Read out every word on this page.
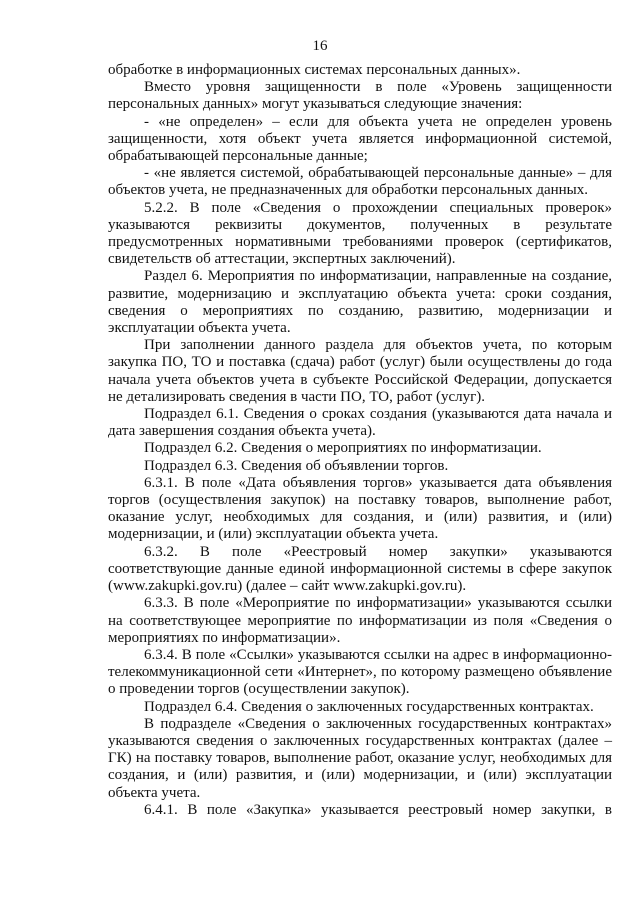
16

обработке в информационных системах персональных данных».

Вместо уровня защищенности в поле «Уровень защищенности персональных данных» могут указываться следующие значения:

- «не определен» – если для объекта учета не определен уровень защищенности, хотя объект учета является информационной системой, обрабатывающей персональные данные;

- «не является системой, обрабатывающей персональные данные» – для объектов учета, не предназначенных для обработки персональных данных.

5.2.2. В поле «Сведения о прохождении специальных проверок» указываются реквизиты документов, полученных в результате предусмотренных нормативными требованиями проверок (сертификатов, свидетельств об аттестации, экспертных заключений).

Раздел 6. Мероприятия по информатизации, направленные на создание, развитие, модернизацию и эксплуатацию объекта учета: сроки создания, сведения о мероприятиях по созданию, развитию, модернизации и эксплуатации объекта учета.

При заполнении данного раздела для объектов учета, по которым закупка ПО, ТО и поставка (сдача) работ (услуг) были осуществлены до года начала учета объектов учета в субъекте Российской Федерации, допускается не детализировать сведения в части ПО, ТО, работ (услуг).

Подраздел 6.1. Сведения о сроках создания (указываются дата начала и дата завершения создания объекта учета).

Подраздел 6.2. Сведения о мероприятиях по информатизации.

Подраздел 6.3. Сведения об объявлении торгов.

6.3.1. В поле «Дата объявления торгов» указывается дата объявления торгов (осуществления закупок) на поставку товаров, выполнение работ, оказание услуг, необходимых для создания, и (или) развития, и (или) модернизации, и (или) эксплуатации объекта учета.

6.3.2. В поле «Реестровый номер закупки» указываются соответствующие данные единой информационной системы в сфере закупок (www.zakupki.gov.ru) (далее – сайт www.zakupki.gov.ru).

6.3.3. В поле «Мероприятие по информатизации» указываются ссылки на соответствующее мероприятие по информатизации из поля «Сведения о мероприятиях по информатизации».

6.3.4. В поле «Ссылки» указываются ссылки на адрес в информационно-телекоммуникационной сети «Интернет», по которому размещено объявление о проведении торгов (осуществлении закупок).

Подраздел 6.4. Сведения о заключенных государственных контрактах.

В подразделе «Сведения о заключенных государственных контрактах» указываются сведения о заключенных государственных контрактах (далее – ГК) на поставку товаров, выполнение работ, оказание услуг, необходимых для создания, и (или) развития, и (или) модернизации, и (или) эксплуатации объекта учета.

6.4.1. В поле «Закупка» указывается реестровый номер закупки, в
